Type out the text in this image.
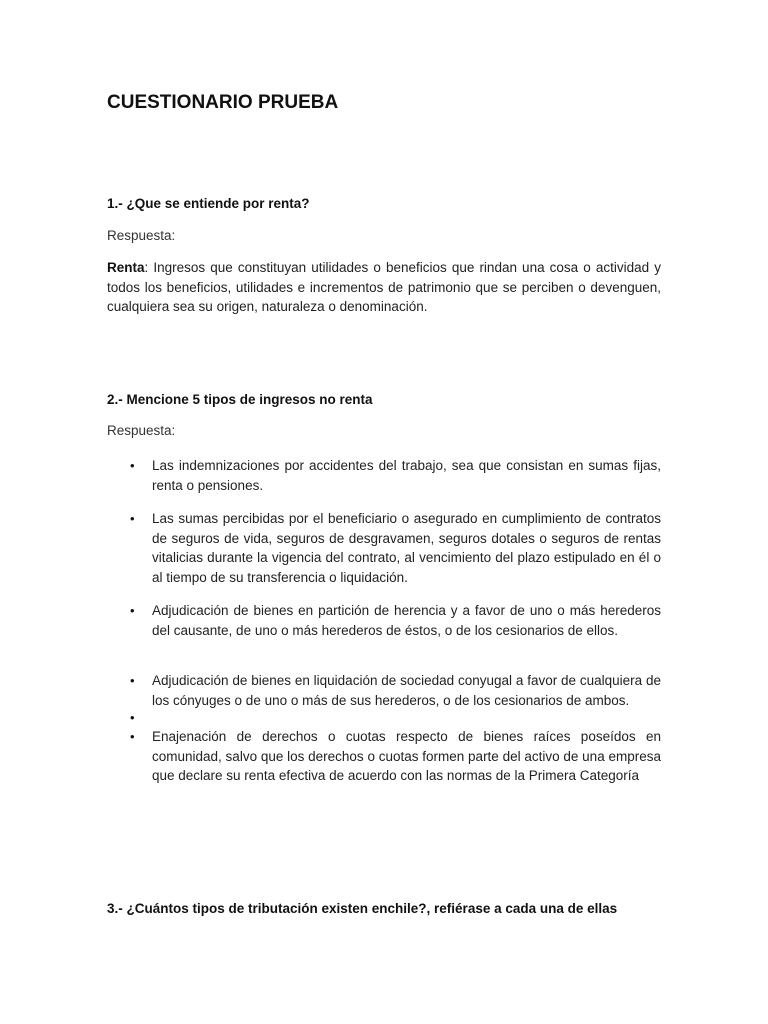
CUESTIONARIO PRUEBA

1.- ¿Que se entiende por renta?

Respuesta:

Renta: Ingresos que constituyan utilidades o beneficios que rindan una cosa o actividad y todos los beneficios, utilidades e incrementos de patrimonio que se perciben o devenguen, cualquiera sea su origen, naturaleza o denominación.

2.- Mencione 5 tipos de ingresos no renta

Respuesta:

•	Las indemnizaciones por accidentes del trabajo, sea que consistan en sumas fijas, renta o pensiones.
•	Las sumas percibidas por el beneficiario o asegurado en cumplimiento de contratos de seguros de vida, seguros de desgravamen, seguros dotales o seguros de rentas vitalicias durante la vigencia del contrato, al vencimiento del plazo estipulado en él o al tiempo de su transferencia o liquidación.
•	Adjudicación de bienes en partición de herencia y a favor de uno o más herederos del causante, de uno o más herederos de éstos, o de los cesionarios de ellos.
•	Adjudicación de bienes en liquidación de sociedad conyugal a favor de cualquiera de los cónyuges o de uno o más de sus herederos, o de los cesionarios de ambos.
•
•	Enajenación de derechos o cuotas respecto de bienes raíces poseídos en comunidad, salvo que los derechos o cuotas formen parte del activo de una empresa que declare su renta efectiva de acuerdo con las normas de la Primera Categoría

3.- ¿Cuántos tipos de tributación existen enchile?, refiérase a cada una de ellas
